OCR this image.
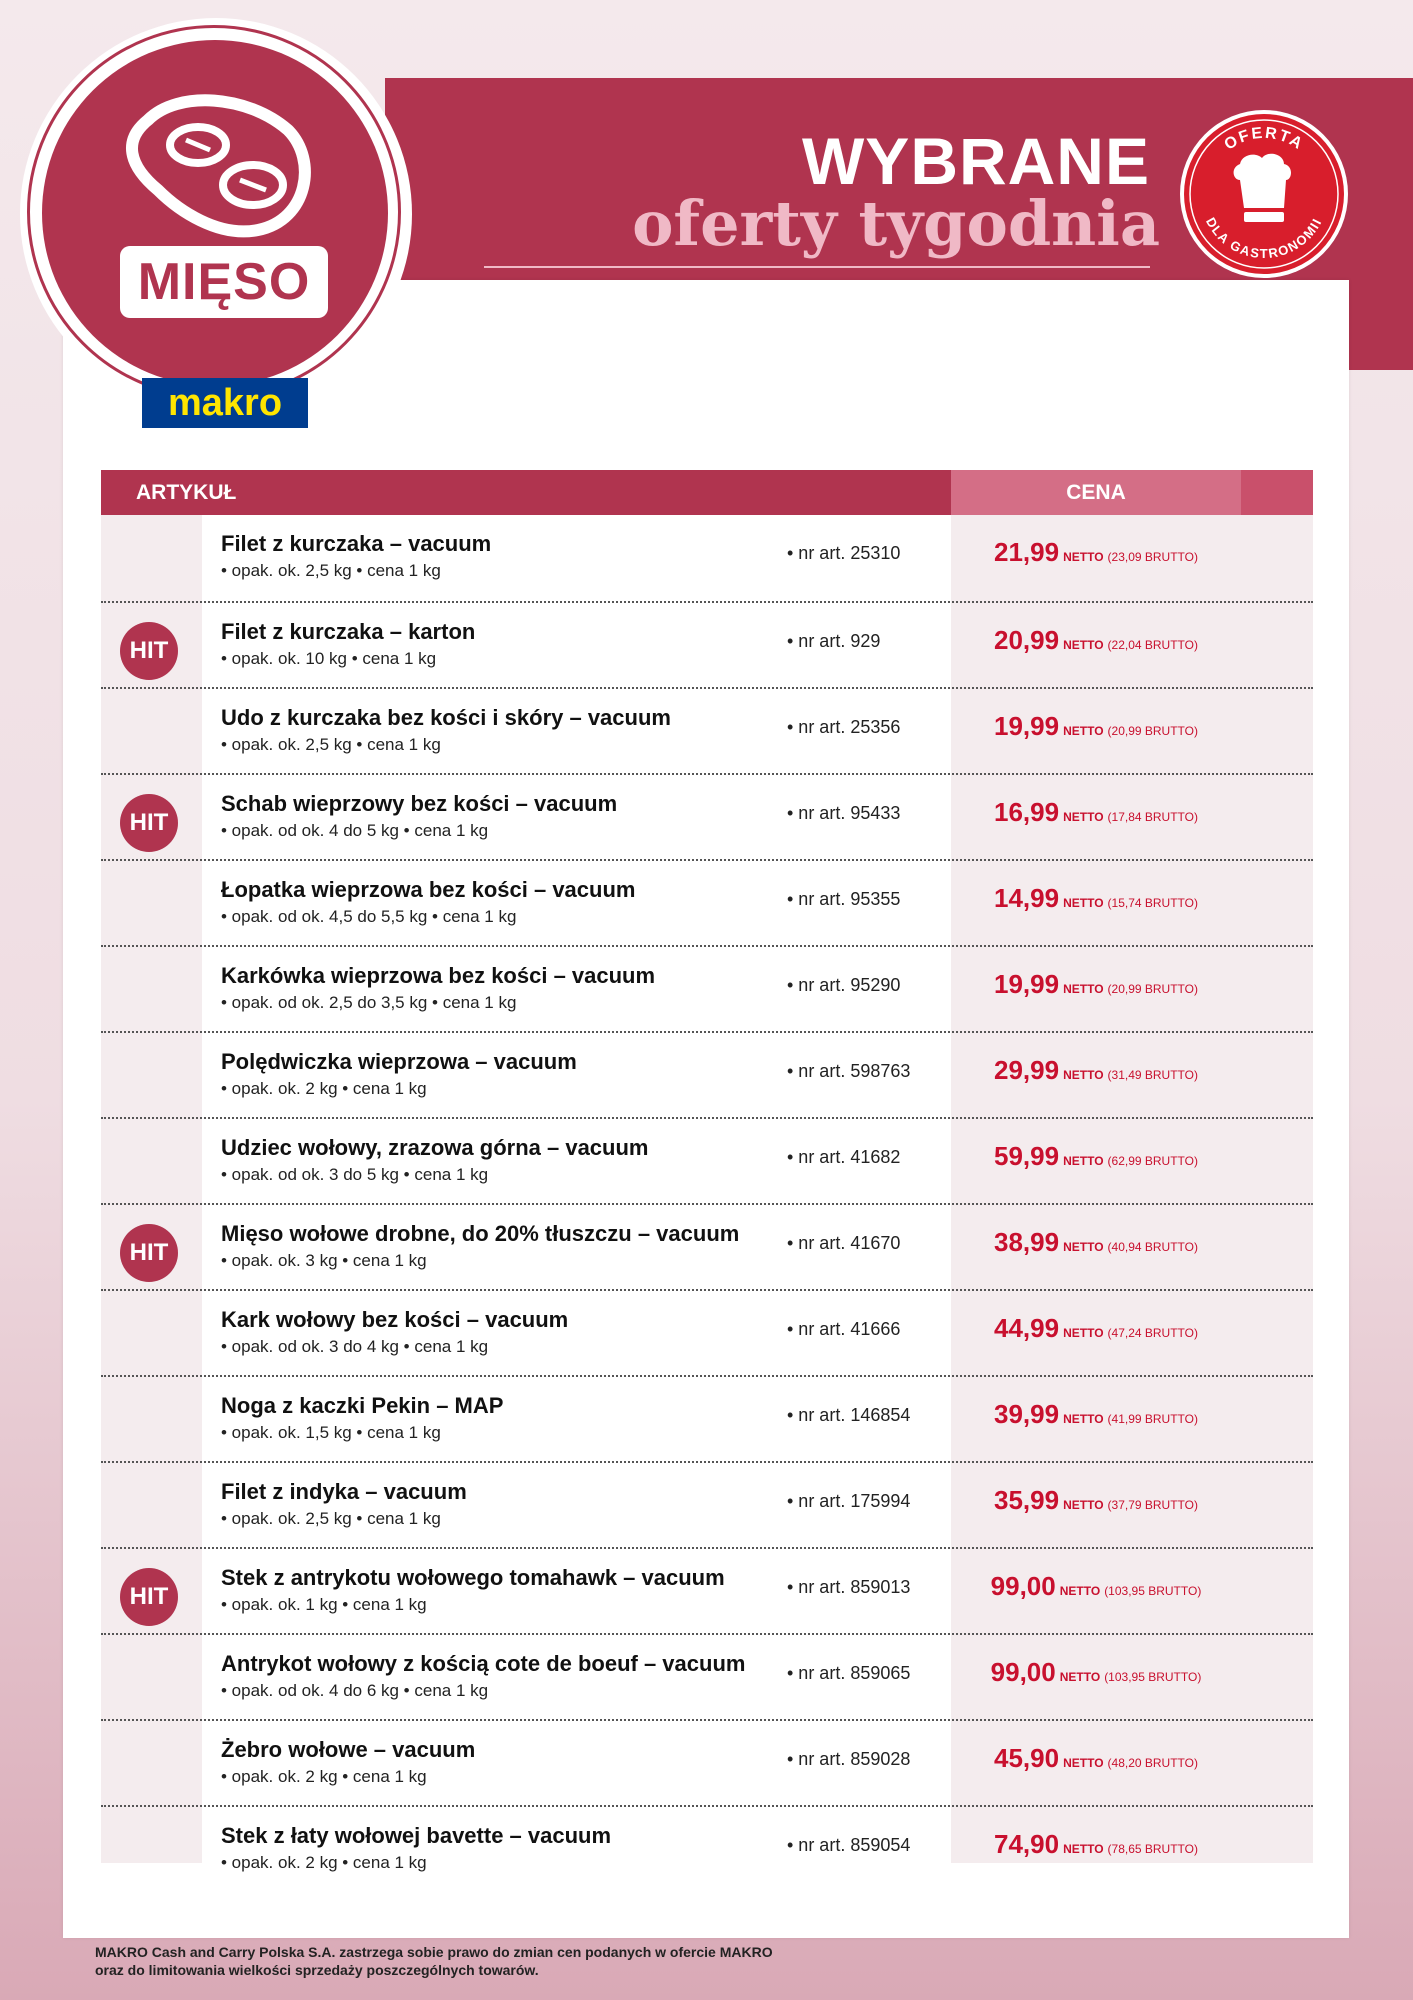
MIĘSO
makro
WYBRANE
oferty tygodnia
OFERTA WAŻNA W DOSTAWIE DO 11.07.2025
OFERTA
DLA GASTRONOMII
ARTYKUŁ	CENA
Filet z kurczaka – vacuum
• opak. ok. 2,5 kg • cena 1 kg
• nr art. 25310	21,99 NETTO (23,09 BRUTTO)
HIT
Filet z kurczaka – karton
• opak. ok. 10 kg • cena 1 kg
• nr art. 929	20,99 NETTO (22,04 BRUTTO)
Udo z kurczaka bez kości i skóry – vacuum
• opak. ok. 2,5 kg • cena 1 kg
• nr art. 25356	19,99 NETTO (20,99 BRUTTO)
HIT
Schab wieprzowy bez kości – vacuum
• opak. od ok. 4 do 5 kg • cena 1 kg
• nr art. 95433	16,99 NETTO (17,84 BRUTTO)
Łopatka wieprzowa bez kości – vacuum
• opak. od ok. 4,5 do 5,5 kg • cena 1 kg
• nr art. 95355	14,99 NETTO (15,74 BRUTTO)
Karkówka wieprzowa bez kości – vacuum
• opak. od ok. 2,5 do 3,5 kg • cena 1 kg
• nr art. 95290	19,99 NETTO (20,99 BRUTTO)
Polędwiczka wieprzowa – vacuum
• opak. ok. 2 kg • cena 1 kg
• nr art. 598763	29,99 NETTO (31,49 BRUTTO)
Udziec wołowy, zrazowa górna – vacuum
• opak. od ok. 3 do 5 kg • cena 1 kg
• nr art. 41682	59,99 NETTO (62,99 BRUTTO)
HIT
Mięso wołowe drobne, do 20% tłuszczu – vacuum
• opak. ok. 3 kg • cena 1 kg
• nr art. 41670	38,99 NETTO (40,94 BRUTTO)
Kark wołowy bez kości – vacuum
• opak. od ok. 3 do 4 kg • cena 1 kg
• nr art. 41666	44,99 NETTO (47,24 BRUTTO)
Noga z kaczki Pekin – MAP
• opak. ok. 1,5 kg • cena 1 kg
• nr art. 146854	39,99 NETTO (41,99 BRUTTO)
Filet z indyka – vacuum
• opak. ok. 2,5 kg • cena 1 kg
• nr art. 175994	35,99 NETTO (37,79 BRUTTO)
HIT
Stek z antrykotu wołowego tomahawk – vacuum
• opak. ok. 1 kg • cena 1 kg
• nr art. 859013	99,00 NETTO (103,95 BRUTTO)
Antrykot wołowy z kością cote de boeuf – vacuum
• opak. od ok. 4 do 6 kg • cena 1 kg
• nr art. 859065	99,00 NETTO (103,95 BRUTTO)
Żebro wołowe – vacuum
• opak. ok. 2 kg • cena 1 kg
• nr art. 859028	45,90 NETTO (48,20 BRUTTO)
Stek z łaty wołowej bavette – vacuum
• opak. ok. 2 kg • cena 1 kg
• nr art. 859054	74,90 NETTO (78,65 BRUTTO)
MAKRO Cash and Carry Polska S.A. zastrzega sobie prawo do zmian cen podanych w ofercie MAKRO
oraz do limitowania wielkości sprzedaży poszczególnych towarów.
